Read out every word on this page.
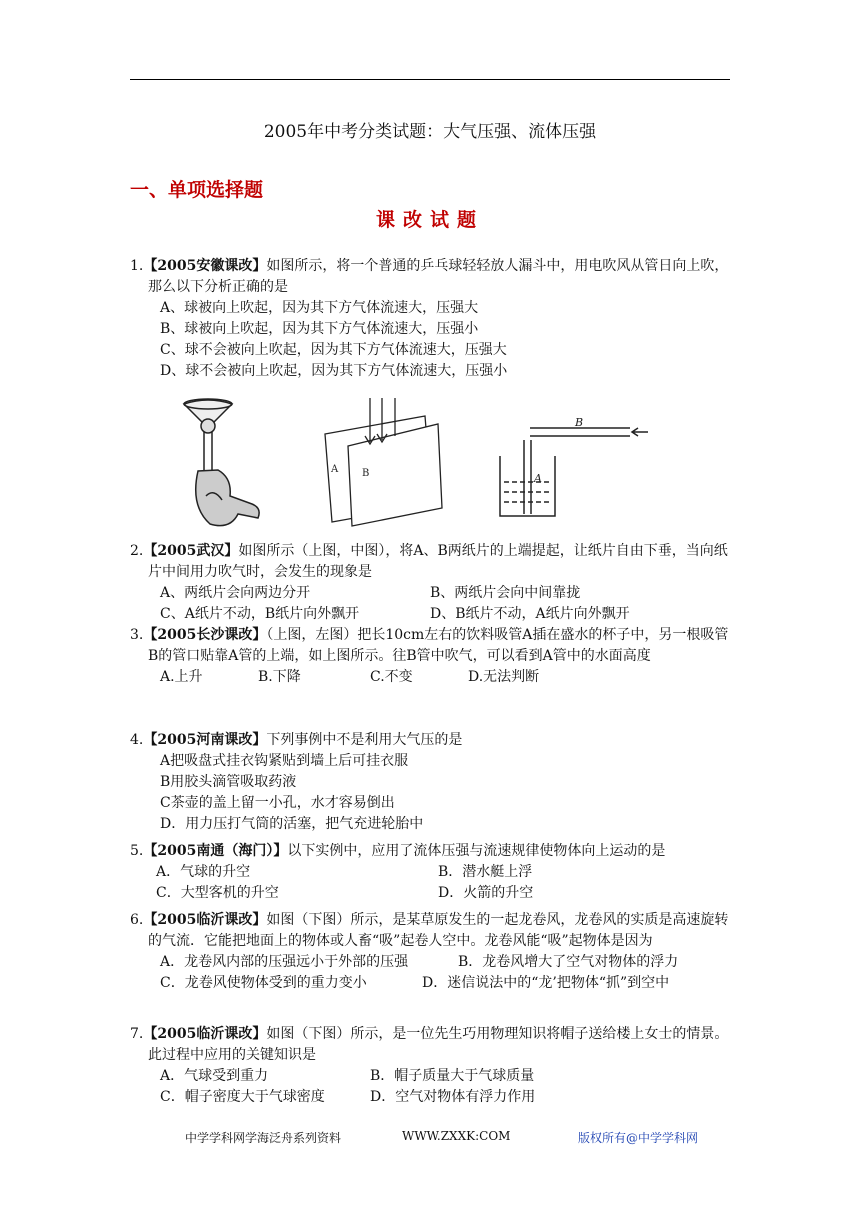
2005年中考分类试题：大气压强、流体压强
一、单项选择题
课改试题
1.【2005安徽课改】如图所示，将一个普通的乒乓球轻轻放人漏斗中，用电吹风从管日向上吹，那么以下分析正确的是
A、球被向上吹起，因为其下方气体流速大，压强大
B、球被向上吹起，因为其下方气体流速大，压强小
C、球不会被向上吹起，因为其下方气体流速大，压强大
D、球不会被向上吹起，因为其下方气体流速大，压强小
A B
B
A
2.【2005武汉】如图所示（上图，中图），将A、B两纸片的上端提起，让纸片自由下垂，当向纸片中间用力吹气时，会发生的现象是
A、两纸片会向两边分开	B、两纸片会向中间靠拢
C、A纸片不动，B纸片向外飘开	D、B纸片不动，A纸片向外飘开
3.【2005长沙课改】（上图，左图）把长10cm左右的饮料吸管A插在盛水的杯子中，另一根吸管B的管口贴靠A管的上端，如上图所示。往B管中吹气，可以看到A管中的水面高度
A.上升	B.下降	C.不变	D.无法判断
4.【2005河南课改】下列事例中不是利用大气压的是
A把吸盘式挂衣钩紧贴到墙上后可挂衣服
B用胶头滴管吸取药液
C茶壶的盖上留一小孔，水才容易倒出
D．用力压打气筒的活塞，把气充进轮胎中
5.【2005南通（海门）】以下实例中，应用了流体压强与流速规律使物体向上运动的是
A．气球的升空	B．潜水艇上浮
C．大型客机的升空	D．火箭的升空
6.【2005临沂课改】如图（下图）所示，是某草原发生的一起龙卷风，龙卷风的实质是高速旋转的气流．它能把地面上的物体或人畜“吸”起卷人空中。龙卷风能“吸”起物体是因为
A．龙卷风内部的压强远小于外部的压强	B．龙卷风增大了空气对物体的浮力
C．龙卷风使物体受到的重力变小	D．迷信说法中的“龙’把物体“抓”到空中
7.【2005临沂课改】如图（下图）所示，是一位先生巧用物理知识将帽子送给楼上女士的情景。此过程中应用的关键知识是
A．气球受到重力	B．帽子质量大于气球质量
C．帽子密度大于气球密度	D．空气对物体有浮力作用
中学学科网学海泛舟系列资料	WWW.ZXXK:COM	版权所有@中学学科网
